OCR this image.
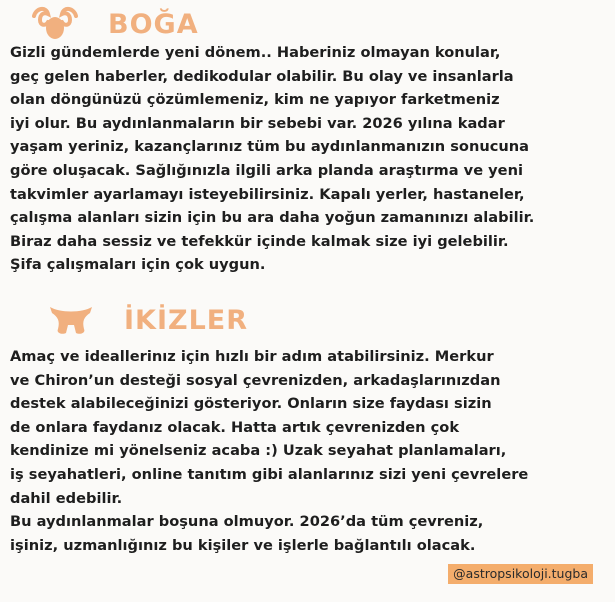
BOĞA

Gizli gündemlerde yeni dönem.. Haberiniz olmayan konular,
geç gelen haberler, dedikodular olabilir. Bu olay ve insanlarla
olan döngünüzü çözümlemeniz, kim ne yapıyor farketmeniz
iyi olur. Bu aydınlanmaların bir sebebi var. 2026 yılına kadar
yaşam yeriniz, kazançlarınız tüm bu aydınlanmanızın sonucuna
göre oluşacak. Sağlığınızla ilgili arka planda araştırma ve yeni
takvimler ayarlamayı isteyebilirsiniz. Kapalı yerler, hastaneler,
çalışma alanları sizin için bu ara daha yoğun zamanınızı alabilir.
Biraz daha sessiz ve tefekkür içinde kalmak size iyi gelebilir.
Şifa çalışmaları için çok uygun.

İKİZLER

Amaç ve ideallerinız için hızlı bir adım atabilirsiniz. Merkur
ve Chiron’un desteği sosyal çevrenizden, arkadaşlarınızdan
destek alabileceğinizi gösteriyor. Onların size faydası sizin
de onlara faydanız olacak. Hatta artık çevrenizden çok
kendinize mi yönelseniz acaba :) Uzak seyahat planlamaları,
iş seyahatleri, online tanıtım gibi alanlarınız sizi yeni çevrelere
dahil edebilir.
Bu aydınlanmalar boşuna olmuyor. 2026’da tüm çevreniz,
işiniz, uzmanlığınız bu kişiler ve işlerle bağlantılı olacak.

@astropsikoloji.tugba
